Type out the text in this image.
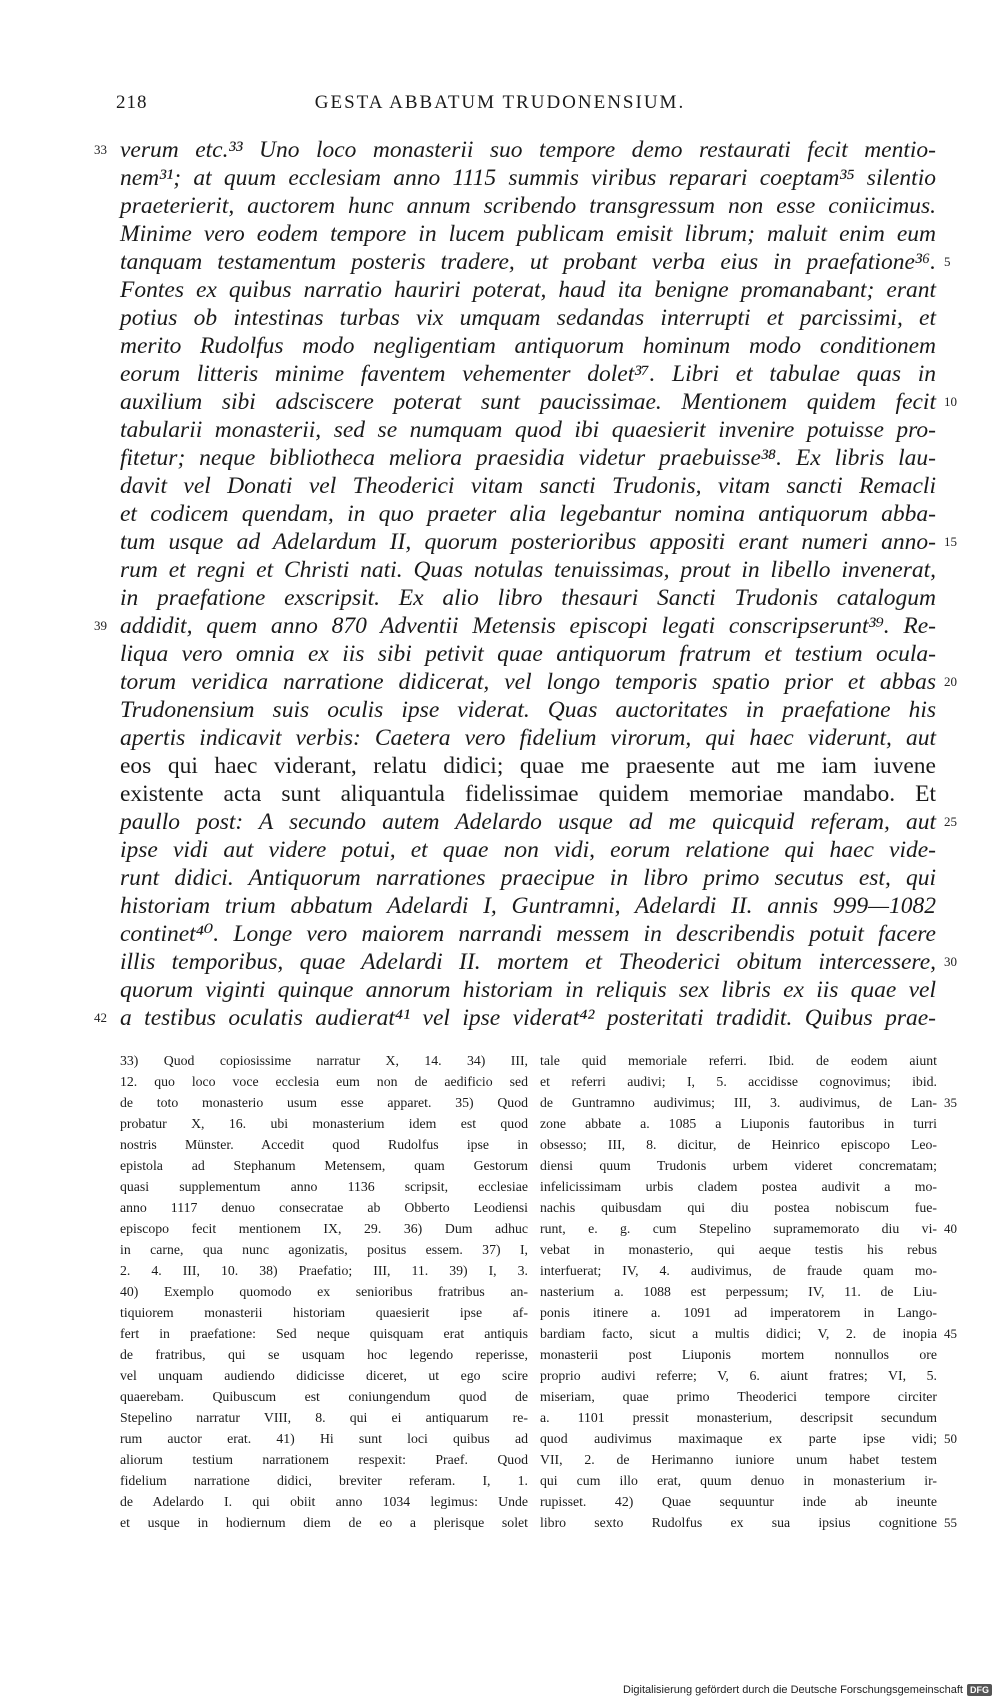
218	GESTA ABBATUM TRUDONENSIUM.
verum etc.³³ Uno loco monasterii suo tempore demo restaurati fecit mentio-
nem³¹; at quum ecclesiam anno 1115 summis viribus reparari coeptam³⁵ silentio
praeterierit, auctorem hunc annum scribendo transgressum non esse coniicimus.
Minime vero eodem tempore in lucem publicam emisit librum; maluit enim eum
tanquam testamentum posteris tradere, ut probant verba eius in praefatione³⁶.
Fontes ex quibus narratio hauriri poterat, haud ita benigne promanabant; erant
potius ob intestinas turbas vix umquam sedandas interrupti et parcissimi, et
merito Rudolfus modo negligentiam antiquorum hominum modo conditionem
eorum litteris minime faventem vehementer dolet³⁷. Libri et tabulae quas in
auxilium sibi adsciscere poterat sunt paucissimae. Mentionem quidem fecit
tabularii monasterii, sed se numquam quod ibi quaesierit invenire potuisse pro-
fitetur; neque bibliotheca meliora praesidia videtur praebuisse³⁸. Ex libris lau-
davit vel Donati vel Theoderici vitam sancti Trudonis, vitam sancti Remacli
et codicem quendam, in quo praeter alia legebantur nomina antiquorum abba-
tum usque ad Adelardum II, quorum posterioribus appositi erant numeri anno-
rum et regni et Christi nati. Quas notulas tenuissimas, prout in libello invenerat,
in praefatione exscripsit. Ex alio libro thesauri Sancti Trudonis catalogum
addidit, quem anno 870 Adventii Metensis episcopi legati conscripserunt³⁹. Re-
liqua vero omnia ex iis sibi petivit quae antiquorum fratrum et testium ocula-
torum veridica narratione didicerat, vel longo temporis spatio prior et abbas
Trudonensium suis oculis ipse viderat. Quas auctoritates in praefatione his
apertis indicavit verbis: Caetera vero fidelium virorum, qui haec viderunt, aut
eos qui haec viderant, relatu didici; quae me praesente aut me iam iuvene
existente acta sunt aliquantula fidelissimae quidem memoriae mandabo. Et
paullo post: A secundo autem Adelardo usque ad me quicquid referam, aut
ipse vidi aut videre potui, et quae non vidi, eorum relatione qui haec vide-
runt didici. Antiquorum narrationes praecipue in libro primo secutus est, qui
historiam trium abbatum Adelardi I, Guntramni, Adelardi II. annis 999—1082
continet⁴⁰. Longe vero maiorem narrandi messem in describendis potuit facere
illis temporibus, quae Adelardi II. mortem et Theoderici obitum intercessere,
quorum viginti quinque annorum historiam in reliquis sex libris ex iis quae vel
a testibus oculatis audierat⁴¹ vel ipse viderat⁴² posteritati tradidit. Quibus prae-
33
39
42
5
10
15
20
25
30
33) Quod copiosissime narratur X, 14. 34) III,
12. quo loco voce ecclesia eum non de aedificio sed
de toto monasterio usum esse apparet. 35) Quod
probatur X, 16. ubi monasterium idem est quod
nostris Münster. Accedit quod Rudolfus ipse in
epistola ad Stephanum Metensem, quam Gestorum
quasi supplementum anno 1136 scripsit, ecclesiae
anno 1117 denuo consecratae ab Obberto Leodiensi
episcopo fecit mentionem IX, 29. 36) Dum adhuc
in carne, qua nunc agonizatis, positus essem. 37) I,
2. 4. III, 10. 38) Praefatio; III, 11. 39) I, 3.
40) Exemplo quomodo ex senioribus fratribus an-
tiquiorem monasterii historiam quaesierit ipse af-
fert in praefatione: Sed neque quisquam erat antiquis
de fratribus, qui se usquam hoc legendo reperisse,
vel unquam audiendo didicisse diceret, ut ego scire
quaerebam. Quibuscum est coniungendum quod de
Stepelino narratur VIII, 8. qui ei antiquarum re-
rum auctor erat. 41) Hi sunt loci quibus ad
aliorum testium narrationem respexit: Praef. Quod
fidelium narratione didici, breviter referam. I, 1.
de Adelardo I. qui obiit anno 1034 legimus: Unde
et usque in hodiernum diem de eo a plerisque solet
tale quid memoriale referri. Ibid. de eodem aiunt
et referri audivi; I, 5. accidisse cognovimus; ibid.
de Guntramno audivimus; III, 3. audivimus, de Lan-
zone abbate a. 1085 a Liuponis fautoribus in turri
obsesso; III, 8. dicitur, de Heinrico episcopo Leo-
diensi quum Trudonis urbem videret concrematam;
infelicissimam urbis cladem postea audivit a mo-
nachis quibusdam qui diu postea nobiscum fue-
runt, e. g. cum Stepelino supramemorato diu vi-
vebat in monasterio, qui aeque testis his rebus
interfuerat; IV, 4. audivimus, de fraude quam mo-
nasterium a. 1088 est perpessum; IV, 11. de Liu-
ponis itinere a. 1091 ad imperatorem in Lango-
bardiam facto, sicut a multis didici; V, 2. de inopia
monasterii post Liuponis mortem nonnullos ore
proprio audivi referre; V, 6. aiunt fratres; VI, 5.
miseriam, quae primo Theoderici tempore circiter
a. 1101 pressit monasterium, descripsit secundum
quod audivimus maximaque ex parte ipse vidi;
VII, 2. de Herimanno iuniore unum habet testem
qui cum illo erat, quum denuo in monasterium ir-
rupisset. 42) Quae sequuntur inde ab ineunte
libro sexto Rudolfus ex sua ipsius cognitione
35
40
45
50
55
Digitalisierung gefördert durch die Deutsche Forschungsgemeinschaft DFG
